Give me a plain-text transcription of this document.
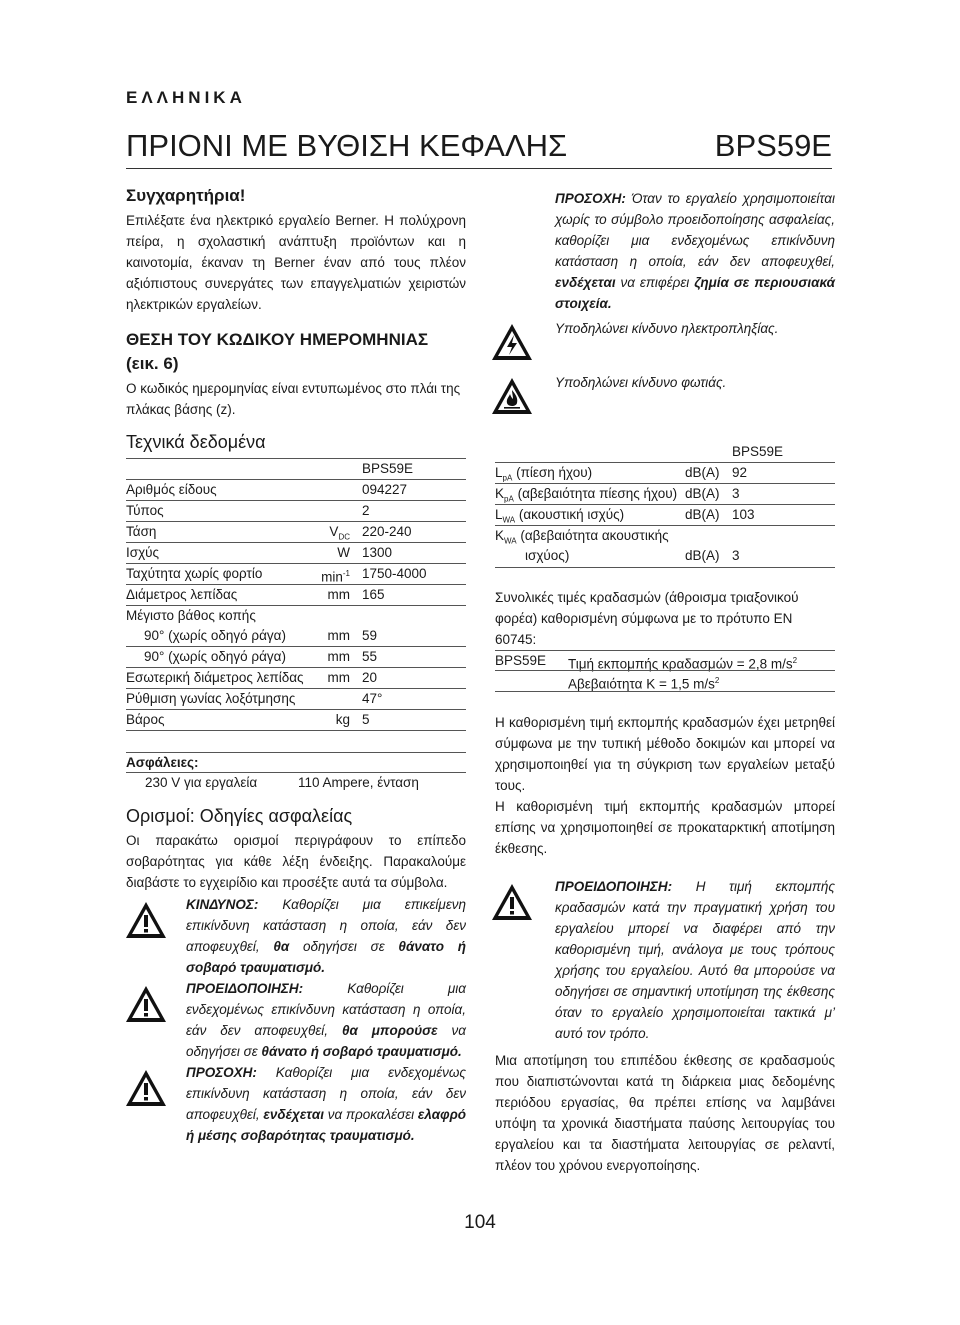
ΕΛΛΗΝΙΚΑ
ΠΡΙΟΝΙ ΜΕ ΒΥΘΙΣΗ ΚΕΦΑΛΗΣ	BPS59E
Συγχαρητήρια!
Επιλέξατε ένα ηλεκτρικό εργαλείο Berner. Η πολύχρονη πείρα, η σχολαστική ανάπτυξη προϊόντων και η καινοτομία, έκαναν τη Berner έναν από τους πλέον αξιόπιστους συνεργάτες των επαγγελματιών χειριστών ηλεκτρικών εργαλείων.
ΘΕΣΗ ΤΟΥ ΚΩΔΙΚΟΥ ΗΜΕΡΟΜΗΝΙΑΣ
(εικ. 6)
Ο κωδικός ημερομηνίας είναι εντυπωμένος στο πλάι της πλάκας βάσης (z).
Τεχνικά δεδομένα
BPS59E
Αριθμός είδους	094227
Τύπος	2
Τάση	$V_{DC}$ 220-240
Ισχύς	W 1300
Ταχύτητα χωρίς φορτίο	$\min^{-1} 1750-4000$
Διάμετρος λεπίδας	mm 165
Μέγιστο βάθος κοπής
90° (χωρίς οδηγό ράγα)	mm 59
90° (χωρίς οδηγό ράγα)	mm 55
Εσωτερική διάμετρος λεπίδας mm 20
Ρύθμιση γωνίας λοξότμησης	47°
Βάρος	kg 5
Ασφάλειες:
230 V για εργαλεία	110 Ampere, ένταση
Ορισμοί: Οδηγίες ασφαλείας
Οι παρακάτω ορισμοί περιγράφουν το επίπεδο σοβαρότητας για κάθε λέξη ένδειξης. Παρακαλούμε διαβάστε το εγχειρίδιο και προσέξτε αυτά τα σύμβολα.
ΚΙΝΔΥΝΟΣ: Καθορίζει μια επικείμενη επικίνδυνη κατάσταση η οποία, εάν δεν αποφευχθεί, θα οδηγήσει σε θάνατο ή σοβαρό τραυματισμό.
ΠΡΟΕΙΔΟΠΟΙΗΣΗ:	Καθορίζει μια ενδεχομένως επικίνδυνη κατάσταση η οποία, εάν δεν αποφευχθεί, θα μπορούσε να οδηγήσει σε θάνατο ή σοβαρό τραυματισμό.
ΠΡΟΣΟΧΗ: Καθορίζει μια ενδεχομένως επικίνδυνη κατάσταση η οποία, εάν δεν αποφευχθεί, ενδέχεται να προκαλέσει ελαφρό ή μέσης σοβαρότητας τραυματισμό.
ΠΡΟΣΟΧΗ: Όταν το εργαλείο χρησιμοποιείται χωρίς το σύμβολο προειδοποίησης ασφαλείας, καθορίζει μια ενδεχομένως επικίνδυνη κατάσταση η οποία, εάν δεν αποφευχθεί, ενδέχεται να επιφέρει ζημία σε περιουσιακά στοιχεία.
Υποδηλώνει κίνδυνο ηλεκτροπληξίας.
Υποδηλώνει κίνδυνο φωτιάς.
BPS59E
$L_{pA}$ (πίεση ήχου)	dB(A) 92
$K_{pA}$ (αβεβαιότητα πίεσης ήχου) dB(A) 3
$L_{WA}$ (ακουστική ισχύς)	dB(A) 103
$K_{WA}$ (αβεβαιότητα ακουστικής
ισχύος)	dB(A) 3
Συνολικές τιμές κραδασμών (άθροισμα τριαξονικού φορέα) καθορισμένη σύμφωνα με το πρότυπο EN 60745:
BPS59E Τιμή εκπομπής κραδασμών = 2,8 $m/s^2$
Αβεβαιότητα K = 1,5 $m/s^2$
Η καθορισμένη τιμή εκπομπής κραδασμών έχει μετρηθεί σύμφωνα με την τυπική μέθοδο δοκιμών και μπορεί να χρησιμοποιηθεί για τη σύγκριση των εργαλείων μεταξύ τους.
Η καθορισμένη τιμή εκπομπής κραδασμών μπορεί επίσης να χρησιμοποιηθεί σε προκαταρκτική αποτίμηση έκθεσης.
ΠΡΟΕΙΔΟΠΟΙΗΣΗ: Η τιμή εκπομπής κραδασμών κατά την πραγματική χρήση του εργαλείου μπορεί να διαφέρει από την καθορισμένη τιμή, ανάλογα με τους τρόπους χρήσης του εργαλείου. Αυτό θα μπορούσε να οδηγήσει σε σημαντική υποτίμηση της έκθεσης όταν το εργαλείο χρησιμοποιείται τακτικά μ’ αυτό τον τρόπο.
Μια αποτίμηση του επιπέδου έκθεσης σε κραδασμούς που διαπιστώνονται κατά τη διάρκεια μιας δεδομένης περιόδου εργασίας, θα πρέπει επίσης να λαμβάνει υπόψη τα χρονικά διαστήματα παύσης λειτουργίας του εργαλείου και τα διαστήματα λειτουργίας σε ρελαντί, πλέον του χρόνου ενεργοποίησης.
104
